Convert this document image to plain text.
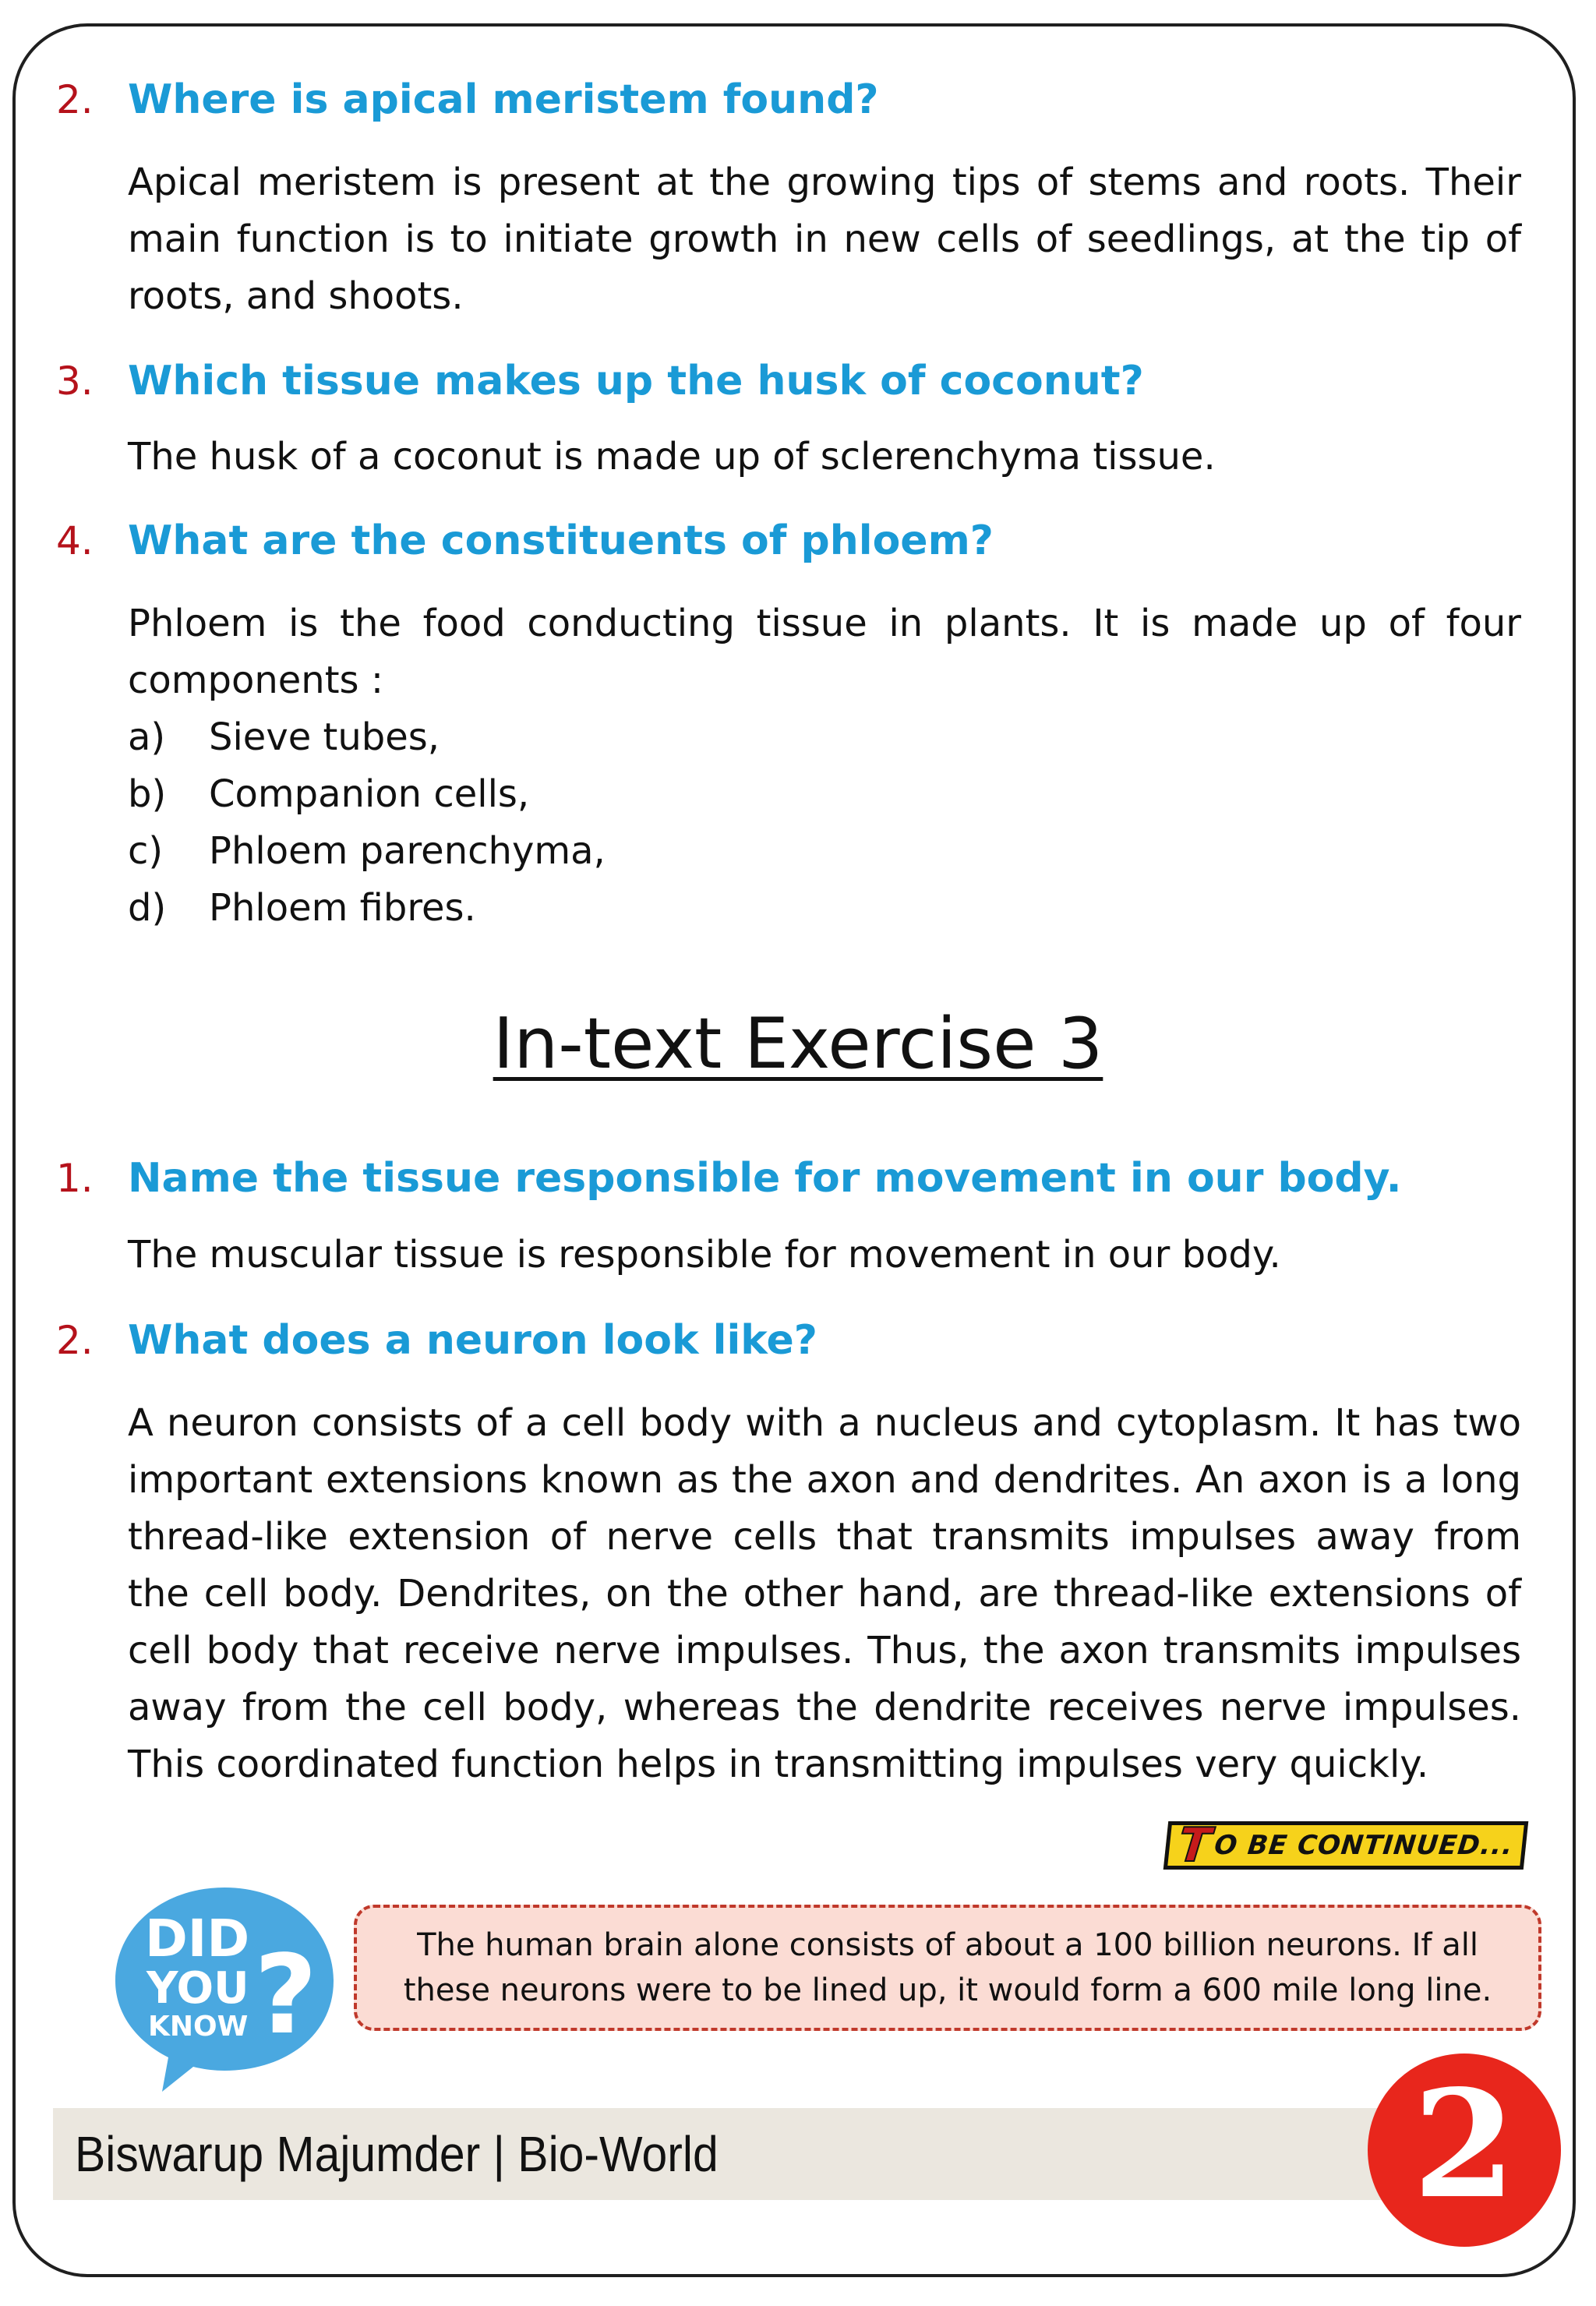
2. Where is apical meristem found?
Apical meristem is present at the growing tips of stems and roots. Their main function is to initiate growth in new cells of seedlings, at the tip of roots, and shoots.
3. Which tissue makes up the husk of coconut?
The husk of a coconut is made up of sclerenchyma tissue.
4. What are the constituents of phloem?
Phloem is the food conducting tissue in plants. It is made up of four components :
a) Sieve tubes,
b) Companion cells,
c) Phloem parenchyma,
d) Phloem fibres.
In-text Exercise 3
1. Name the tissue responsible for movement in our body.
The muscular tissue is responsible for movement in our body.
2. What does a neuron look like?
A neuron consists of a cell body with a nucleus and cytoplasm. It has two important extensions known as the axon and dendrites. An axon is a long thread-like extension of nerve cells that transmits impulses away from the cell body. Dendrites, on the other hand, are thread-like extensions of cell body that receive nerve impulses. Thus, the axon transmits impulses away from the cell body, whereas the dendrite receives nerve impulses. This coordinated function helps in transmitting impulses very quickly.
T
O BE CONTINUED...
DID
YOU
KNOW ?	The human brain alone consists of about a 100 billion neurons. If all these neurons were to be lined up, it would form a 600 mile long line.
Biswarup Majumder | Bio-World	2
